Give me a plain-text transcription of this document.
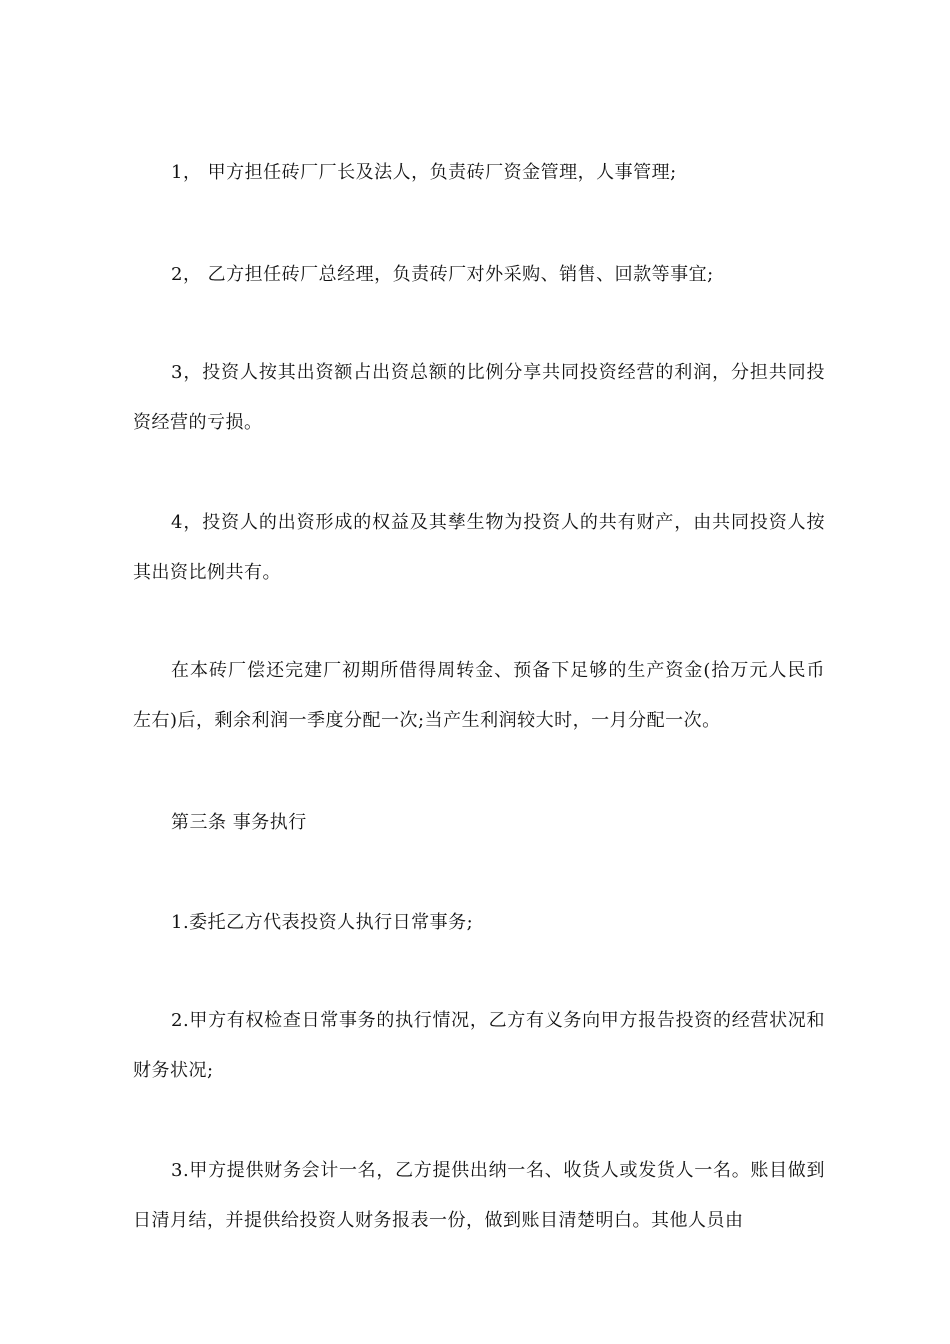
1， 甲方担任砖厂厂长及法人，负责砖厂资金管理，人事管理;

2， 乙方担任砖厂总经理，负责砖厂对外采购、销售、回款等事宜;

3，投资人按其出资额占出资总额的比例分享共同投资经营的利润，分担共同投资经营的亏损。

4，投资人的出资形成的权益及其孳生物为投资人的共有财产，由共同投资人按其出资比例共有。

在本砖厂偿还完建厂初期所借得周转金、预备下足够的生产资金(拾万元人民币左右)后，剩余利润一季度分配一次;当产生利润较大时，一月分配一次。

第三条 事务执行

1.委托乙方代表投资人执行日常事务;

2.甲方有权检查日常事务的执行情况，乙方有义务向甲方报告投资的经营状况和财务状况;

3.甲方提供财务会计一名，乙方提供出纳一名、收货人或发货人一名。账目做到日清月结，并提供给投资人财务报表一份，做到账目清楚明白。其他人员由
